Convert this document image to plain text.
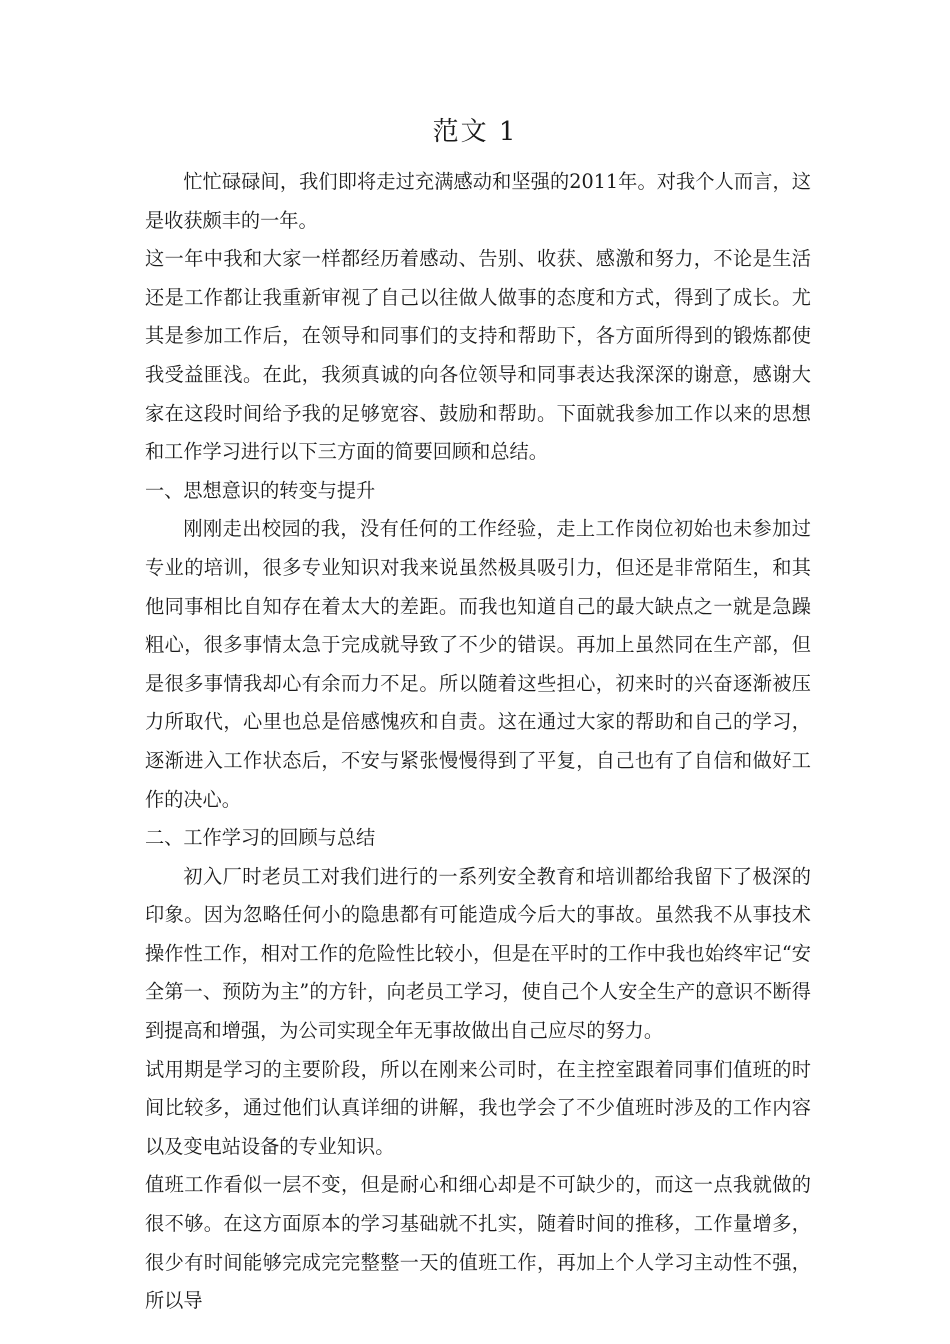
范文 1

忙忙碌碌间，我们即将走过充满感动和坚强的2011年。对我个人而言，这是收获颇丰的一年。

这一年中我和大家一样都经历着感动、告别、收获、感激和努力，不论是生活还是工作都让我重新审视了自己以往做人做事的态度和方式，得到了成长。尤其是参加工作后，在领导和同事们的支持和帮助下，各方面所得到的锻炼都使我受益匪浅。在此，我须真诚的向各位领导和同事表达我深深的谢意，感谢大家在这段时间给予我的足够宽容、鼓励和帮助。下面就我参加工作以来的思想和工作学习进行以下三方面的简要回顾和总结。

一、思想意识的转变与提升

刚刚走出校园的我，没有任何的工作经验，走上工作岗位初始也未参加过专业的培训，很多专业知识对我来说虽然极具吸引力，但还是非常陌生，和其他同事相比自知存在着太大的差距。而我也知道自己的最大缺点之一就是急躁粗心，很多事情太急于完成就导致了不少的错误。再加上虽然同在生产部，但是很多事情我却心有余而力不足。所以随着这些担心，初来时的兴奋逐渐被压力所取代，心里也总是倍感愧疚和自责。这在通过大家的帮助和自己的学习，逐渐进入工作状态后，不安与紧张慢慢得到了平复，自己也有了自信和做好工作的决心。

二、工作学习的回顾与总结

初入厂时老员工对我们进行的一系列安全教育和培训都给我留下了极深的印象。因为忽略任何小的隐患都有可能造成今后大的事故。虽然我不从事技术操作性工作，相对工作的危险性比较小，但是在平时的工作中我也始终牢记“安全第一、预防为主”的方针，向老员工学习，使自己个人安全生产的意识不断得到提高和增强，为公司实现全年无事故做出自己应尽的努力。

试用期是学习的主要阶段，所以在刚来公司时，在主控室跟着同事们值班的时间比较多，通过他们认真详细的讲解，我也学会了不少值班时涉及的工作内容以及变电站设备的专业知识。

值班工作看似一层不变，但是耐心和细心却是不可缺少的，而这一点我就做的很不够。在这方面原本的学习基础就不扎实，随着时间的推移，工作量增多，很少有时间能够完成完完整整一天的值班工作，再加上个人学习主动性不强，所以导
